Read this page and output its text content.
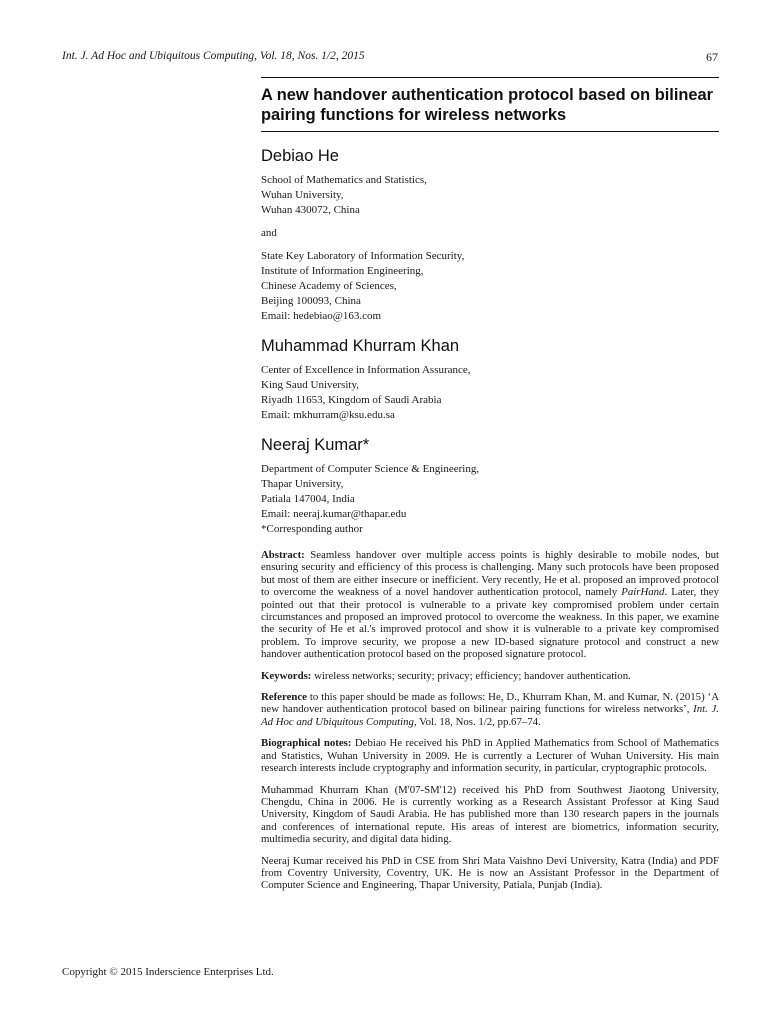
Int. J. Ad Hoc and Ubiquitous Computing, Vol. 18, Nos. 1/2, 2015	67
A new handover authentication protocol based on bilinear pairing functions for wireless networks
Debiao He
School of Mathematics and Statistics,
Wuhan University,
Wuhan 430072, China
and
State Key Laboratory of Information Security,
Institute of Information Engineering,
Chinese Academy of Sciences,
Beijing 100093, China
Email: hedebiao@163.com
Muhammad Khurram Khan
Center of Excellence in Information Assurance,
King Saud University,
Riyadh 11653, Kingdom of Saudi Arabia
Email: mkhurram@ksu.edu.sa
Neeraj Kumar*
Department of Computer Science & Engineering,
Thapar University,
Patiala 147004, India
Email: neeraj.kumar@thapar.edu
*Corresponding author

Abstract: Seamless handover over multiple access points is highly desirable to mobile nodes, but ensuring security and efficiency of this process is challenging. Many such protocols have been proposed but most of them are either insecure or inefficient. Very recently, He et al. proposed an improved protocol to overcome the weakness of a novel handover authentication protocol, namely PairHand. Later, they pointed out that their protocol is vulnerable to a private key compromised problem under certain circumstances and proposed an improved protocol to overcome the weakness. In this paper, we examine the security of He et al.'s improved protocol and show it is vulnerable to a private key compromised problem. To improve security, we propose a new ID-based signature protocol and construct a new handover authentication protocol based on the proposed signature protocol.

Keywords: wireless networks; security; privacy; efficiency; handover authentication.

Reference to this paper should be made as follows: He, D., Khurram Khan, M. and Kumar, N. (2015) ‘A new handover authentication protocol based on bilinear pairing functions for wireless networks’, Int. J. Ad Hoc and Ubiquitous Computing, Vol. 18, Nos. 1/2, pp.67–74.

Biographical notes: Debiao He received his PhD in Applied Mathematics from School of Mathematics and Statistics, Wuhan University in 2009. He is currently a Lecturer of Wuhan University. His main research interests include cryptography and information security, in particular, cryptographic protocols.

Muhammad Khurram Khan (M'07-SM'12) received his PhD from Southwest Jiaotong University, Chengdu, China in 2006. He is currently working as a Research Assistant Professor at King Saud University, Kingdom of Saudi Arabia. He has published more than 130 research papers in the journals and conferences of international repute. His areas of interest are biometrics, information security, multimedia security, and digital data hiding.

Neeraj Kumar received his PhD in CSE from Shri Mata Vaishno Devi University, Katra (India) and PDF from Coventry University, Coventry, UK. He is now an Assistant Professor in the Department of Computer Science and Engineering, Thapar University, Patiala, Punjab (India).

Copyright © 2015 Inderscience Enterprises Ltd.
